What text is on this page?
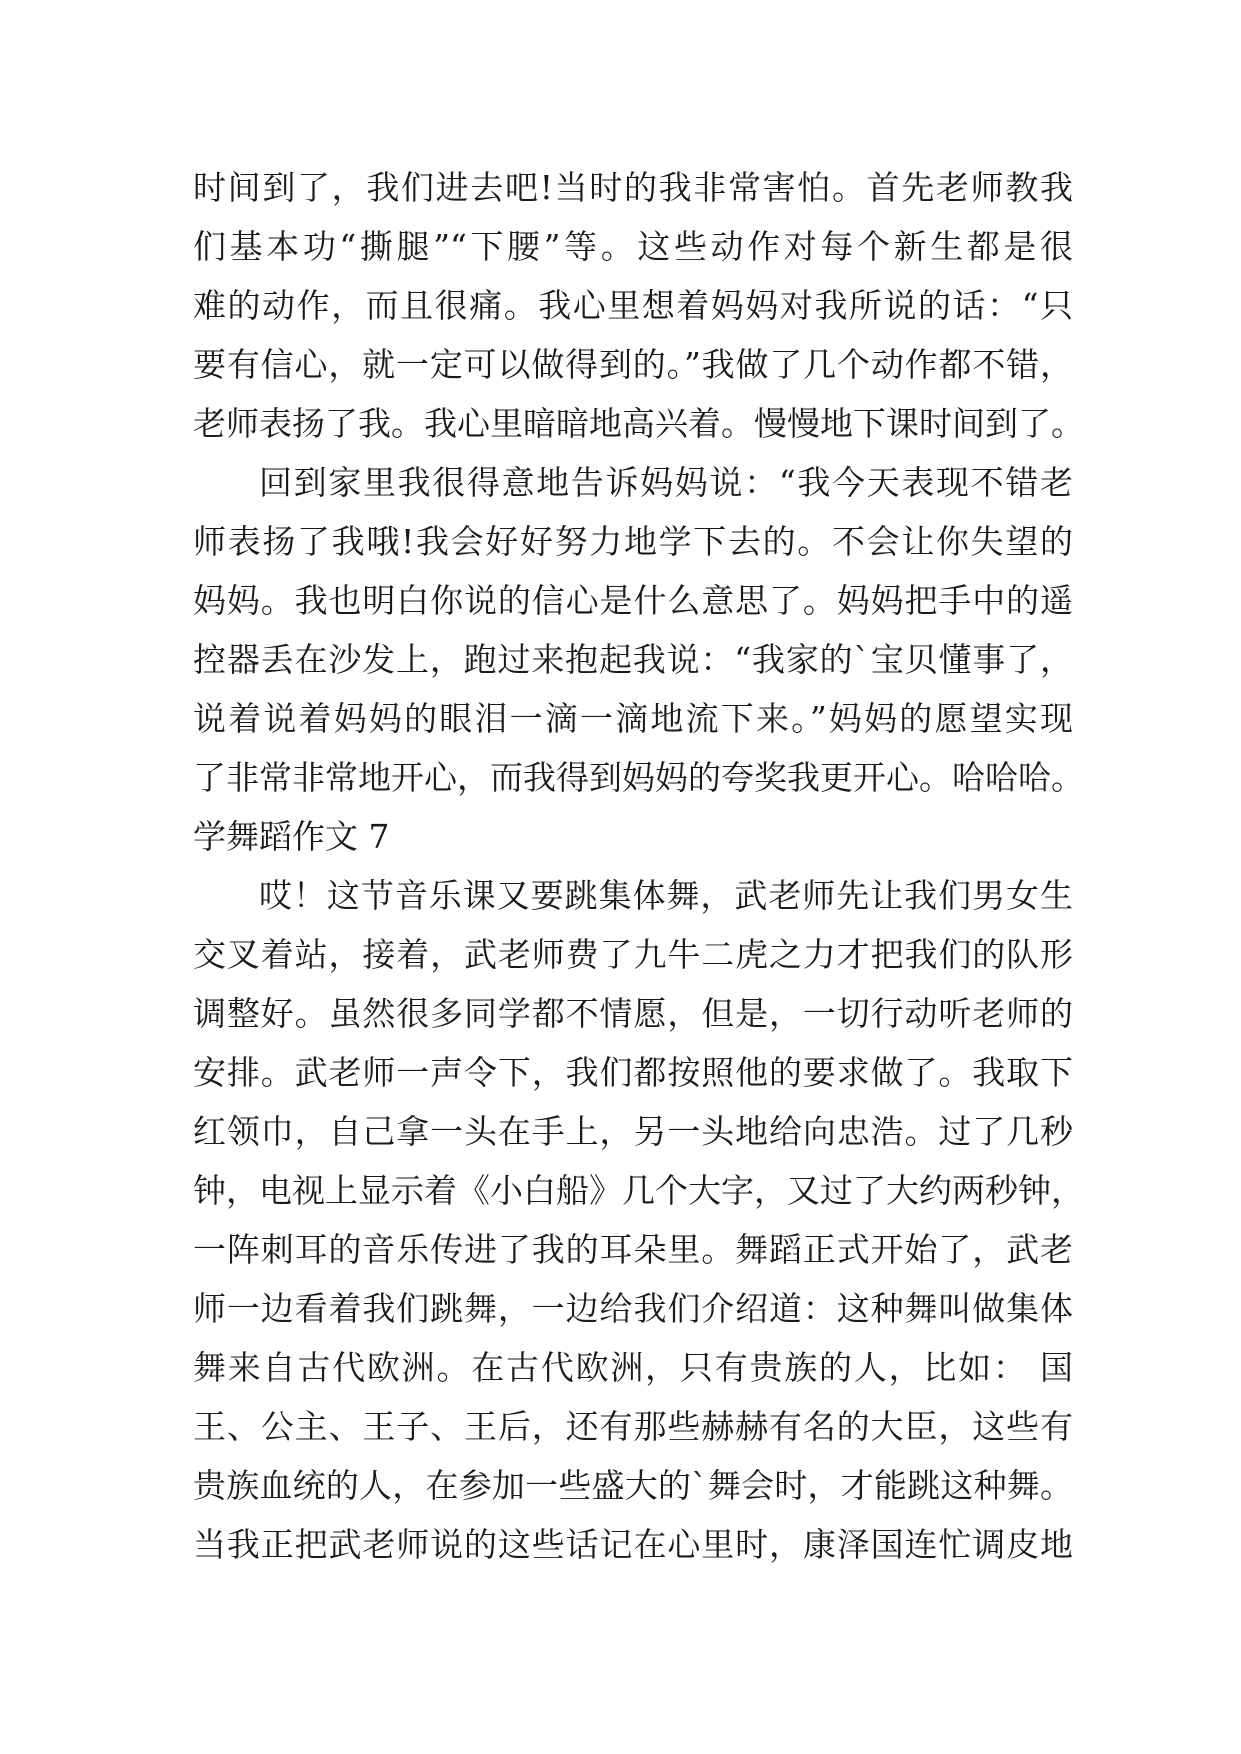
时间到了，我们进去吧!当时的我非常害怕。首先老师教我
们基本功“撕腿”“下腰”等。这些动作对每个新生都是很
难的动作，而且很痛。我心里想着妈妈对我所说的话：“只
要有信心，就一定可以做得到的。”我做了几个动作都不错，
老师表扬了我。我心里暗暗地高兴着。慢慢地下课时间到了。
回到家里我很得意地告诉妈妈说：“我今天表现不错老
师表扬了我哦!我会好好努力地学下去的。不会让你失望的
妈妈。我也明白你说的信心是什么意思了。妈妈把手中的遥
控器丢在沙发上，跑过来抱起我说：“我家的`宝贝懂事了，
说着说着妈妈的眼泪一滴一滴地流下来。”妈妈的愿望实现
了非常非常地开心，而我得到妈妈的夸奖我更开心。哈哈哈。
学舞蹈作文 7
哎！这节音乐课又要跳集体舞，武老师先让我们男女生
交叉着站，接着，武老师费了九牛二虎之力才把我们的队形
调整好。虽然很多同学都不情愿，但是，一切行动听老师的
安排。武老师一声令下，我们都按照他的要求做了。我取下
红领巾，自己拿一头在手上，另一头地给向忠浩。过了几秒
钟，电视上显示着《小白船》几个大字，又过了大约两秒钟，
一阵刺耳的音乐传进了我的耳朵里。舞蹈正式开始了，武老
师一边看着我们跳舞，一边给我们介绍道：这种舞叫做集体
舞来自古代欧洲。在古代欧洲，只有贵族的人，比如： 国
王、公主、王子、王后，还有那些赫赫有名的大臣，这些有
贵族血统的人，在参加一些盛大的`舞会时，才能跳这种舞。
当我正把武老师说的这些话记在心里时，康泽国连忙调皮地
